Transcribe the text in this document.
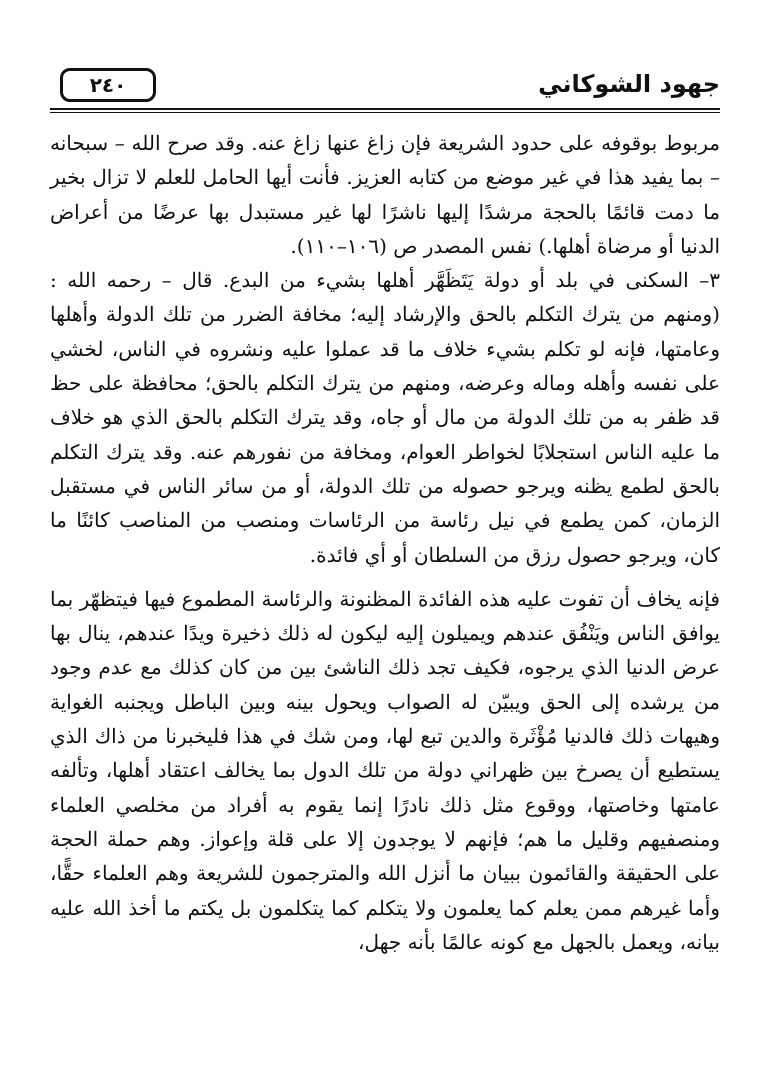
جهود الشوكاني
٢٤٠

مربوط بوقوفه على حدود الشريعة فإن زاغ عنها زاغ عنه. وقد صرح الله – سبحانه – بما يفيد هذا في غير موضع من كتابه العزيز. فأنت أيها الحامل للعلم لا تزال بخير ما دمت قائمًا بالحجة مرشدًا إليها ناشرًا لها غير مستبدل بها عرضًا من أعراض الدنيا أو مرضاة أهلها.) نفس المصدر ص (١٠٦–١١٠).

٣– السكنى في بلد أو دولة يَتَظَهَّر أهلها بشيء من البدع. قال – رحمه الله : (ومنهم من يترك التكلم بالحق والإرشاد إليه؛ مخافة الضرر من تلك الدولة وأهلها وعامتها، فإنه لو تكلم بشيء خلاف ما قد عملوا عليه ونشروه في الناس، لخشي على نفسه وأهله وماله وعرضه، ومنهم من يترك التكلم بالحق؛ محافظة على حظ قد ظفر به من تلك الدولة من مال أو جاه، وقد يترك التكلم بالحق الذي هو خلاف ما عليه الناس استجلابًا لخواطر العوام، ومخافة من نفورهم عنه. وقد يترك التكلم بالحق لطمع يظنه ويرجو حصوله من تلك الدولة، أو من سائر الناس في مستقبل الزمان، كمن يطمع في نيل رئاسة من الرئاسات ومنصب من المناصب كائنًا ما كان، ويرجو حصول رزق من السلطان أو أي فائدة.

فإنه يخاف أن تفوت عليه هذه الفائدة المظنونة والرئاسة المطموع فيها فيتظهّر بما يوافق الناس ويَنْفُق عندهم ويميلون إليه ليكون له ذلك ذخيرة ويدًا عندهم، ينال بها عرض الدنيا الذي يرجوه، فكيف تجد ذلك الناشئ بين من كان كذلك مع عدم وجود من يرشده إلى الحق ويبيّن له الصواب ويحول بينه وبين الباطل ويجنبه الغواية وهيهات ذلك فالدنيا مُؤْثَرة والدين تبع لها، ومن شك في هذا فليخبرنا من ذاك الذي يستطيع أن يصرخ بين ظهراني دولة من تلك الدول بما يخالف اعتقاد أهلها، وتألفه عامتها وخاصتها، ووقوع مثل ذلك نادرًا إنما يقوم به أفراد من مخلصي العلماء ومنصفيهم وقليل ما هم؛ فإنهم لا يوجدون إلا على قلة وإعواز. وهم حملة الحجة على الحقيقة والقائمون ببيان ما أنزل الله والمترجمون للشريعة وهم العلماء حقًّا، وأما غيرهم ممن يعلم كما يعلمون ولا يتكلم كما يتكلمون بل يكتم ما أخذ الله عليه بيانه، ويعمل بالجهل مع كونه عالمًا بأنه جهل،
